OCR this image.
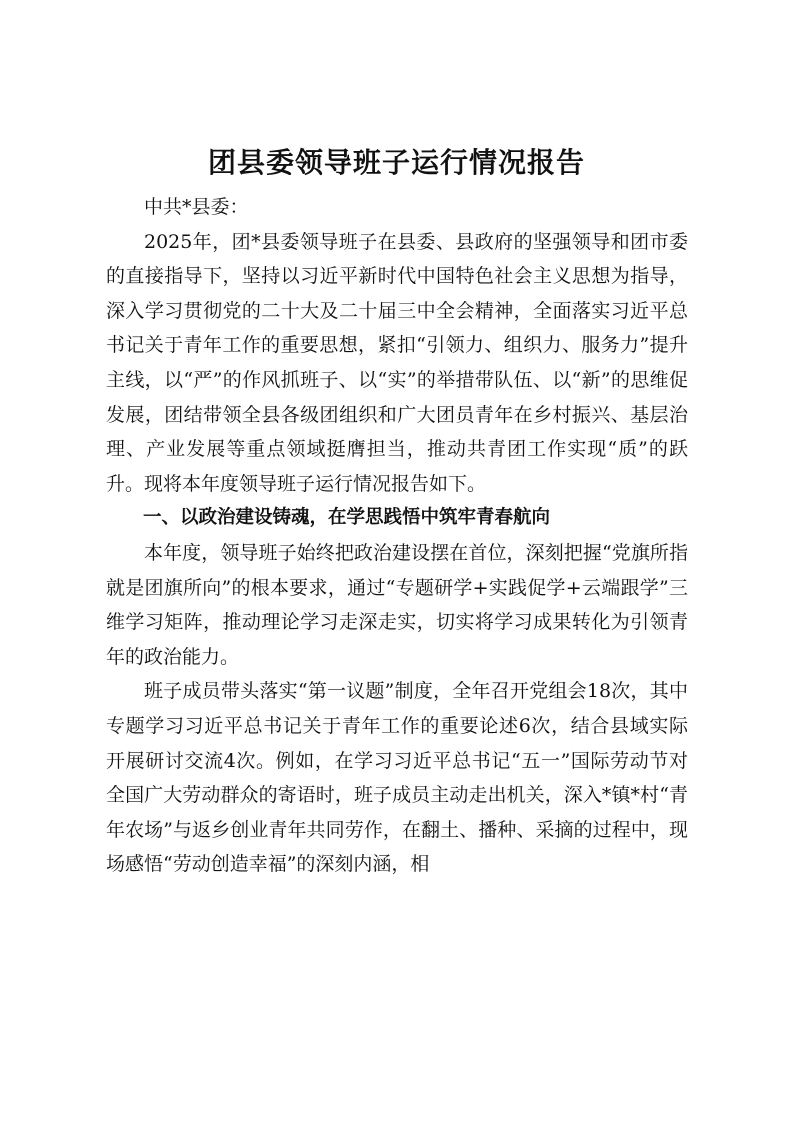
团县委领导班子运行情况报告

中共*县委：

2025年，团*县委领导班子在县委、县政府的坚强领导和团市委的直接指导下，坚持以习近平新时代中国特色社会主义思想为指导，深入学习贯彻党的二十大及二十届三中全会精神，全面落实习近平总书记关于青年工作的重要思想，紧扣“引领力、组织力、服务力”提升主线，以“严”的作风抓班子、以“实”的举措带队伍、以“新”的思维促发展，团结带领全县各级团组织和广大团员青年在乡村振兴、基层治理、产业发展等重点领域挺膺担当，推动共青团工作实现“质”的跃升。现将本年度领导班子运行情况报告如下。

一、以政治建设铸魂，在学思践悟中筑牢青春航向

本年度，领导班子始终把政治建设摆在首位，深刻把握“党旗所指就是团旗所向”的根本要求，通过“专题研学+实践促学+云端跟学”三维学习矩阵，推动理论学习走深走实，切实将学习成果转化为引领青年的政治能力。

班子成员带头落实“第一议题”制度，全年召开党组会18次，其中专题学习习近平总书记关于青年工作的重要论述6次，结合县域实际开展研讨交流4次。例如，在学习习近平总书记“五一”国际劳动节对全国广大劳动群众的寄语时，班子成员主动走出机关，深入*镇*村“青年农场”与返乡创业青年共同劳作，在翻土、播种、采摘的过程中，现场感悟“劳动创造幸福”的深刻内涵，相
